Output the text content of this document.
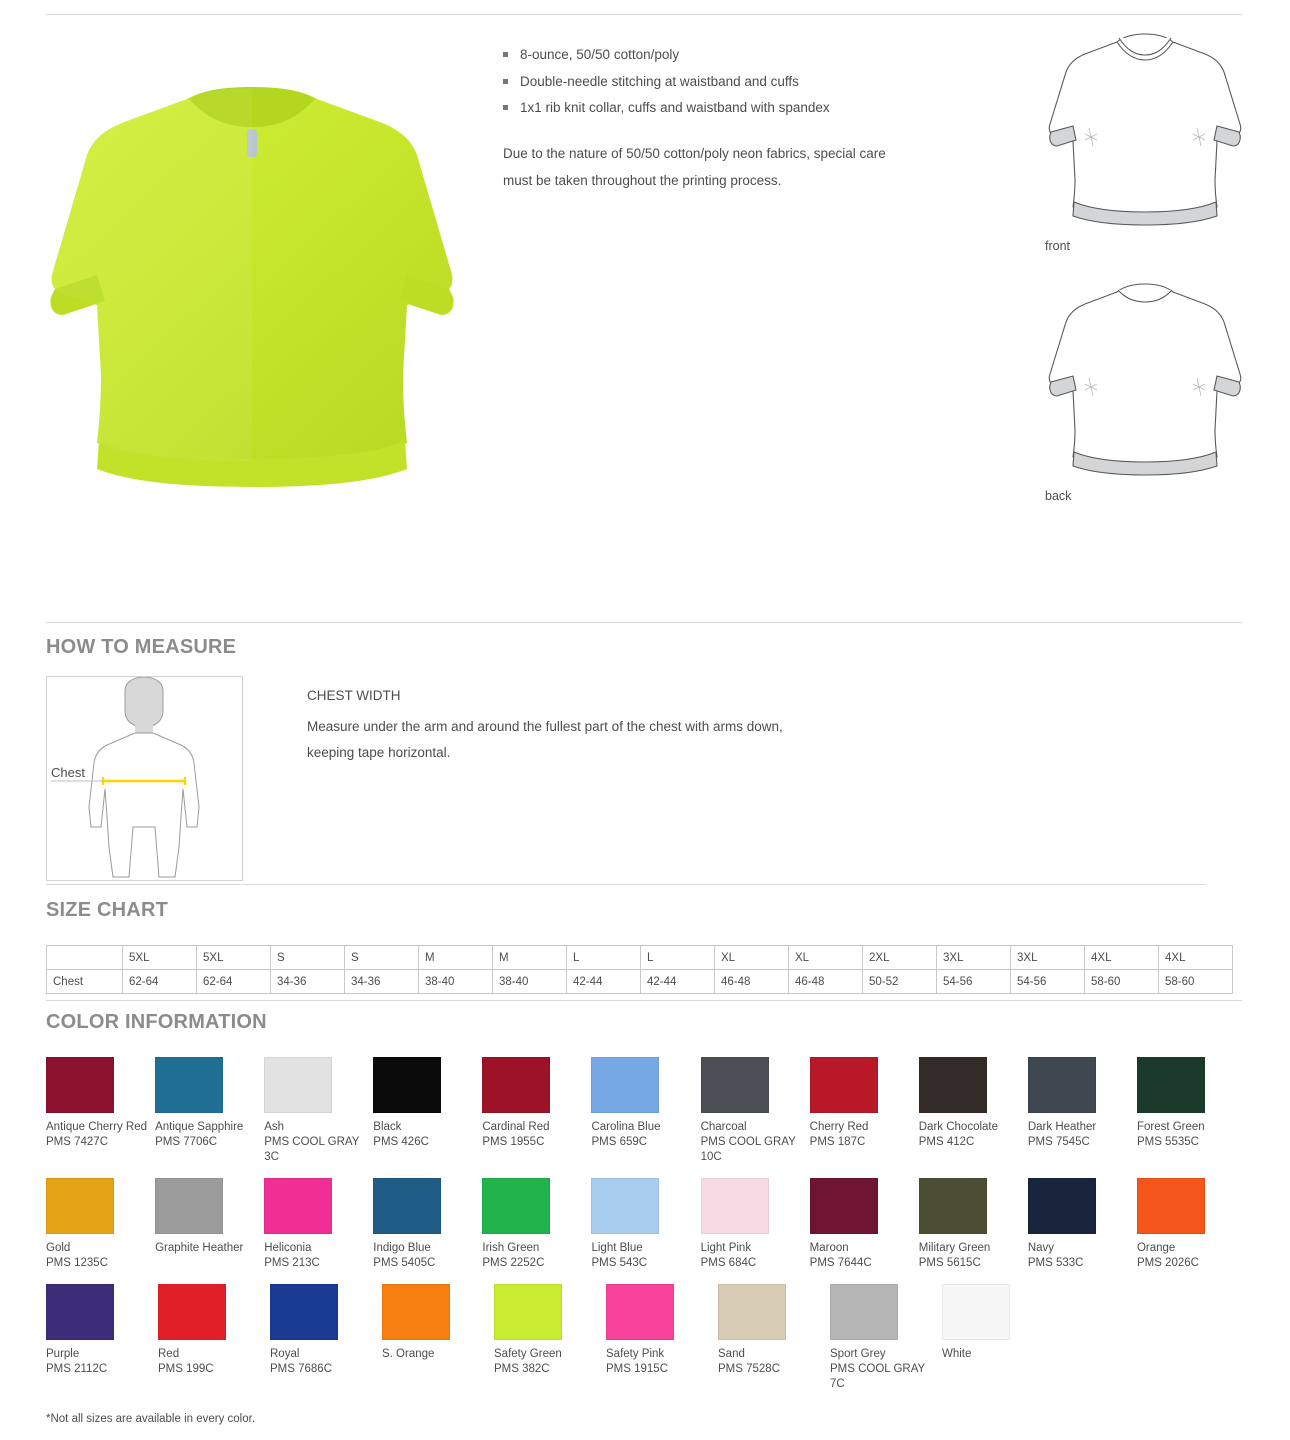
8-ounce, 50/50 cotton/poly
Double-needle stitching at waistband and cuffs
1x1 rib knit collar, cuffs and waistband with spandex
Due to the nature of 50/50 cotton/poly neon fabrics, special care must be taken throughout the printing process.
front
back
HOW TO MEASURE
Chest
CHEST WIDTH
Measure under the arm and around the fullest part of the chest with arms down, keeping tape horizontal.
SIZE CHART
	5XL	5XL	S	S	M	M	L	L	XL	XL	2XL	3XL	3XL	4XL	4XL
Chest	62-64	62-64	34-36	34-36	38-40	38-40	42-44	42-44	46-48	46-48	50-52	54-56	54-56	58-60	58-60
COLOR INFORMATION
Antique Cherry Red
PMS 7427C
Antique Sapphire
PMS 7706C
Ash
PMS COOL GRAY 3C
Black
PMS 426C
Cardinal Red
PMS 1955C
Carolina Blue
PMS 659C
Charcoal
PMS COOL GRAY 10C
Cherry Red
PMS 187C
Dark Chocolate
PMS 412C
Dark Heather
PMS 7545C
Forest Green
PMS 5535C
Gold
PMS 1235C
Graphite Heather	Heliconia
PMS 213C
Indigo Blue
PMS 5405C
Irish Green
PMS 2252C
Light Blue
PMS 543C
Light Pink
PMS 684C
Maroon
PMS 7644C
Military Green
PMS 5615C
Navy
PMS 533C
Orange
PMS 2026C
Purple
PMS 2112C
Red
PMS 199C
Royal
PMS 7686C
S. Orange	Safety Green
PMS 382C
Safety Pink
PMS 1915C
Sand
PMS 7528C
Sport Grey
PMS COOL GRAY 7C
White
*Not all sizes are available in every color.
